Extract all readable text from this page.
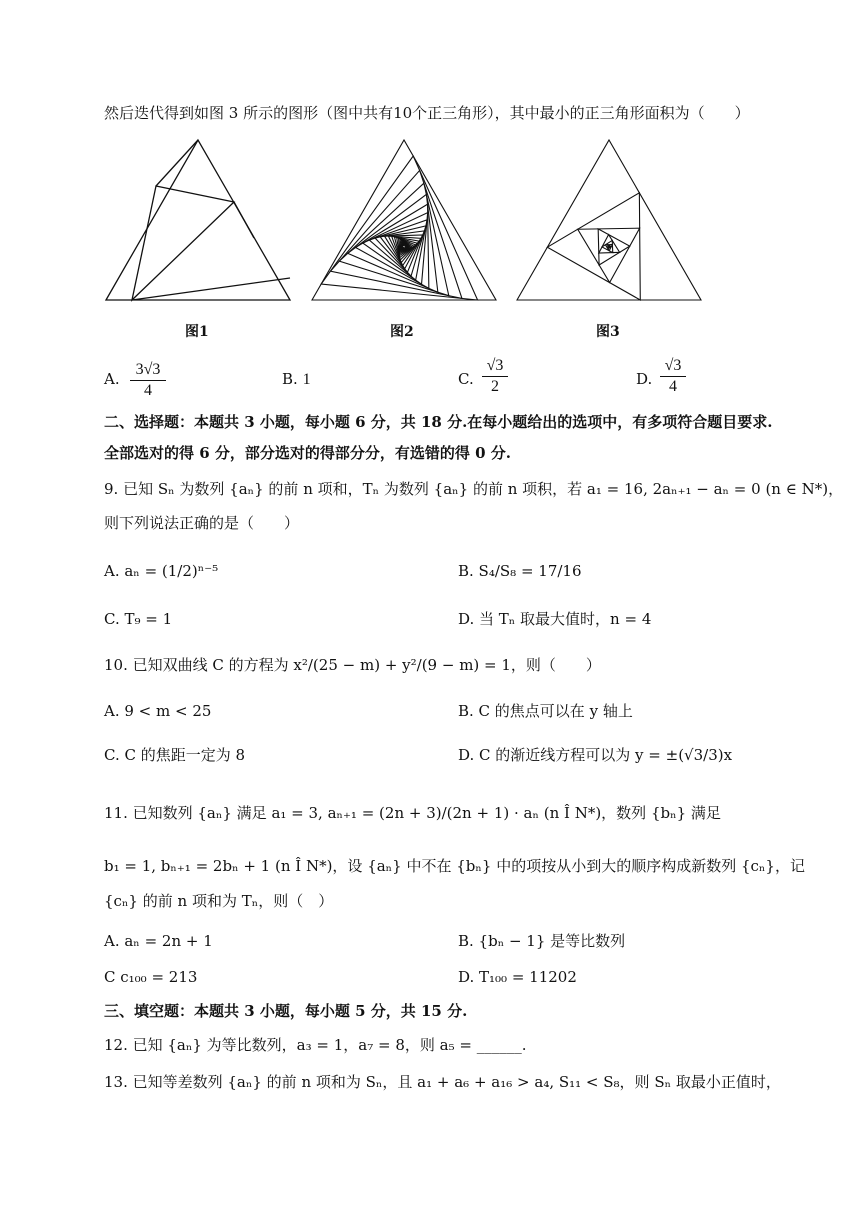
然后迭代得到如图 3 所示的图形（图中共有10个正三角形），其中最小的正三角形面积为（　　）
图1	图2	图3
A.
3√3
4
B. 1	C.
√3
2	D.
√3
4
二、选择题：本题共 3 小题，每小题 6 分，共 18 分.在每小题给出的选项中，有多项符合题目要求.
全部选对的得 6 分，部分选对的得部分分，有选错的得 0 分.
9. 已知 Sₙ 为数列 {aₙ} 的前 n 项和，Tₙ 为数列 {aₙ} 的前 n 项积，若 a₁ = 16, 2aₙ₊₁ − aₙ = 0 (n ∈ N*)，
则下列说法正确的是（　　）
A. aₙ = (1/2)ⁿ⁻⁵	B. S₄/S₈ = 17/16
C. T₉ = 1	D. 当 Tₙ 取最大值时，n = 4
10. 已知双曲线 C 的方程为 x²/(25 − m) + y²/(9 − m) = 1，则（　　）
A. 9 < m < 25	B. C 的焦点可以在 y 轴上
C. C 的焦距一定为 8	D. C 的渐近线方程可以为 y = ±(√3/3)x
11. 已知数列 {aₙ} 满足 a₁ = 3, aₙ₊₁ = (2n + 3)/(2n + 1) · aₙ (n Î N*)，数列 {bₙ} 满足
b₁ = 1, bₙ₊₁ = 2bₙ + 1 (n Î N*)，设 {aₙ} 中不在 {bₙ} 中的项按从小到大的顺序构成新数列 {cₙ}，记
{cₙ} 的前 n 项和为 Tₙ，则（　）
A. aₙ = 2n + 1	B. {bₙ − 1} 是等比数列
C c₁₀₀ = 213	D. T₁₀₀ = 11202
三、填空题：本题共 3 小题，每小题 5 分，共 15 分.
12. 已知 {aₙ} 为等比数列，a₃ = 1，a₇ = 8，则 a₅ = ______.
13. 已知等差数列 {aₙ} 的前 n 项和为 Sₙ，且 a₁ + a₆ + a₁₆ > a₄, S₁₁ < S₈，则 Sₙ 取最小正值时，
